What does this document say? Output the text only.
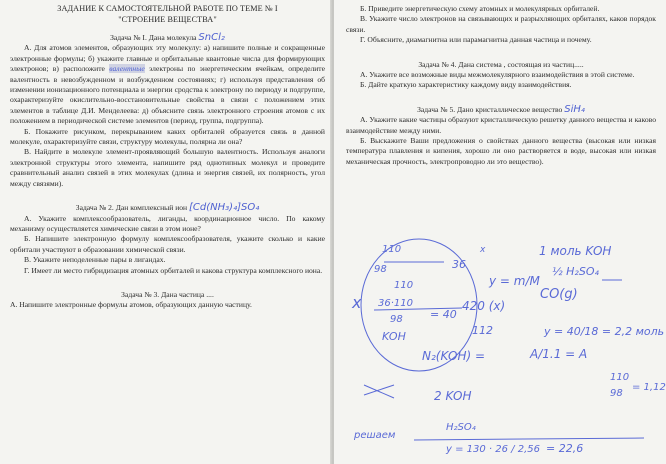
ЗАДАНИЕ К САМОСТОЯТЕЛЬНОЙ РАБОТЕ ПО ТЕМЕ № I
"СТРОЕНИЕ ВЕЩЕСТВА"

Задача № I. Дана молекула SnCl₂

А. Для атомов элементов, образующих эту молекулу: а) напишите полные и сокращенные электронные формулы; б) укажите главные и орбитальные квантовые числа для формирующих электронов; в) расположите валентные электроны по энергетическим ячейкам, определите валентность в невозбужденном и возбужденном состояниях; г) используя представления об изменении ионизационного потенциала и энергии сродства к электрону по периоду и подгруппе, охарактеризуйте окислительно-восстановительные свойства в связи с положением этих элементов в таблице Д.И. Менделеева: д) объясните связь электронного строения атомов с их положением в периодической системе элементов (период, группа, подгруппа).

Б. Покажите рисунком, перекрыванием каких орбиталей образуется связь в данной молекуле, охарактеризуйте связи, структуру молекулы, полярна ли она?

В. Найдите в молекуле элемент-проявляющий большую валентность. Используя аналоги электронной структуры этого элемента, напишите ряд однотипных молекул и проведите сравнительный анализ связей в этих молекулах (длина и энергия связей, их полярность, угол между связями).

Задача № 2. Дан комплексный ион [Cd(NH₃)₄]SO₄

А. Укажите комплексообразователь, лиганды, координационное число. По какому механизму осуществляется химические связи в этом ионе?

Б. Напишите электронную формулу комплексообразователя, укажите сколько и какие орбитали участвуют в образовании химической связи.

В. Укажите неподеленные пары в лигандах.

Г. Имеет ли место гибридизация атомных орбиталей и какова структура комплексного иона.

Задача № 3. Дана частица ....

А. Напишите электронные формулы атомов, образующих данную частицу.

Б. Приведите энергетическую схему атомных и молекулярных орбиталей.

В. Укажите число электронов на связывающих и разрыхляющих орбиталях, каков порядок связи.

Г. Объясните, диамагнитна или парамагнитна данная частица и почему.

Задача № 4. Дана система , состоящая из частиц.....

А. Укажите все возможные виды межмолекулярного взаимодействия в этой системе.

Б. Дайте краткую характеристику каждому виду взаимодействия.

Задача № 5. Дано кристаллическое вещество SiH₄

А. Укажите какие частицы образуют кристаллическую решетку данного вещества и каково взаимодействие между ними.

Б. Выскажите Ваши предложения о свойствах данного вещества (высокая или низкая температура плавления и кипения, хорошо ли оно растворяется в воде, высокая или низкая механическая прочность, электропроводно ли это вещество).

110
98	36
x	1 моль KOH
½ H₂SO₄
110	y = m/M
x 36·110
98 = 40
420 (x)
CO(g)
KOH	112	y = 40/18 = 2,2 моль
N₂(KOH) =	A/1.1 = A
110
98
= 1,12
2 KOH
решаем
H₂SO₄
y = 130 · 26 / 2,56 = 22,6
